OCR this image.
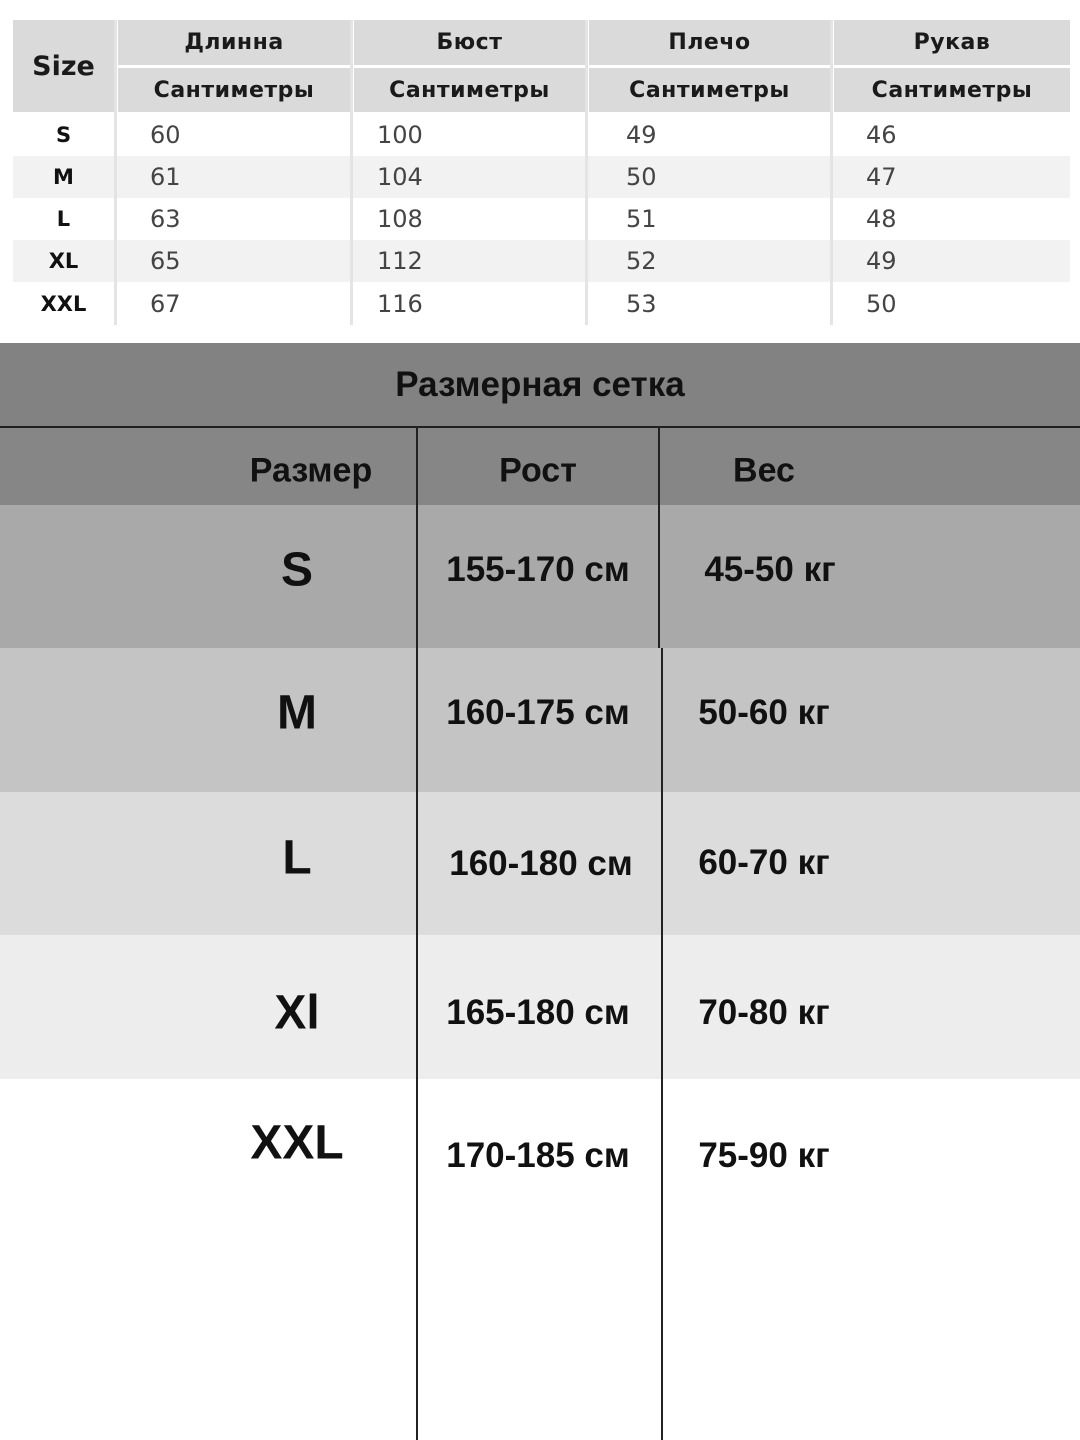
Size
Длинна	Бюст	Плечо	Рукав
Сантиметры	Сантиметры	Сантиметры	Сантиметры
S	60	100	49	46
M	61	104	50	47
L	63	108	51	48
XL	65	112	52	49
XXL	67	116	53	50
Размерная сетка
Размер	Рост	Вес
S	155-170 см 45-50 кг
M	160-175 см 50-60 кг
L	160-180 см 60-70 кг
Xl	165-180 см 70-80 кг
XXL	170-185 см 75-90 кг
